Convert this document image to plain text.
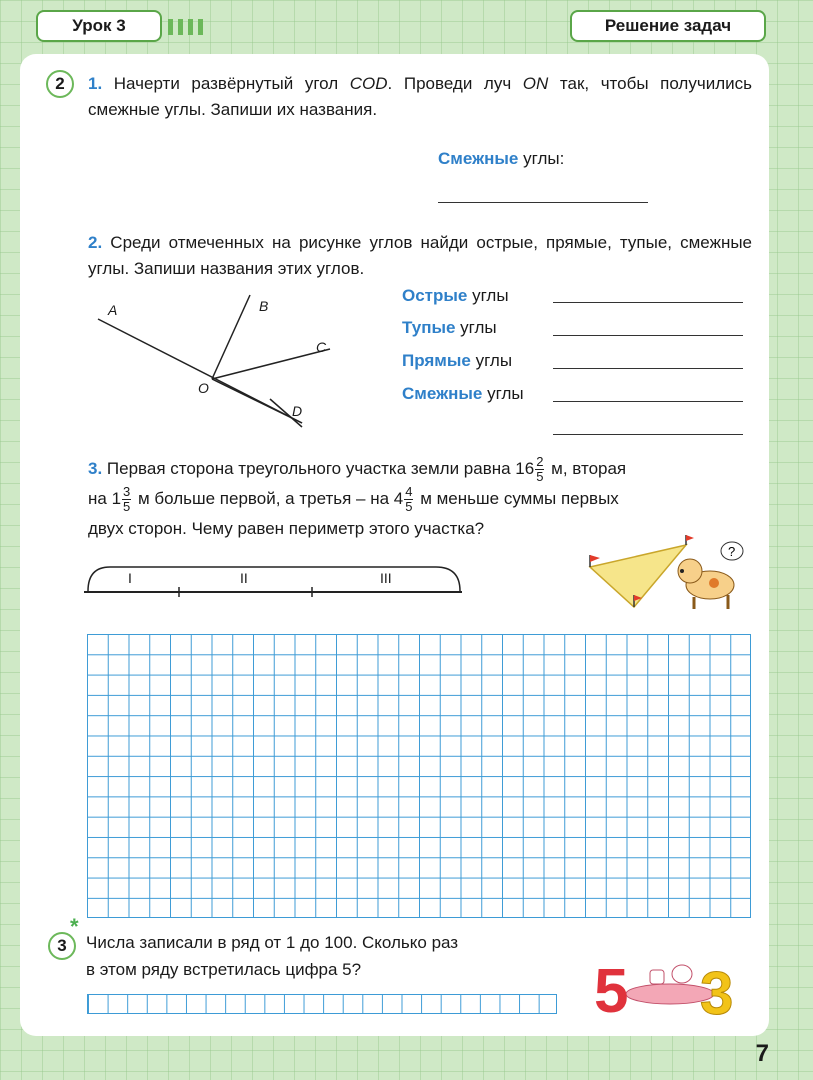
Урок 3	Решение задач
2 1. Начерти развёрнутый угол COD. Проведи луч ON так, чтобы получились смежные углы. Запиши их названия.
Смежные углы:
2. Среди отмеченных на рисунке углов найди острые, прямые, тупые, смежные углы. Запиши названия этих углов.
A	B
C
O
D
Острые углы
Тупые углы
Прямые углы
Смежные углы
3. Первая сторона треугольного участка земли равна $16 \frac{2}{5} м$, вторая
на $1 \frac{3}{5}$ м больше первой, а третья – на $4 \frac{4}{5}$ м меньше суммы первых
двух сторон. Чему равен периметр этого участка?
I	II	III
?
3
*
Числа записали в ряд от 1 до 100. Сколько раз
в этом ряду встретилась цифра 5?	5 3
7
